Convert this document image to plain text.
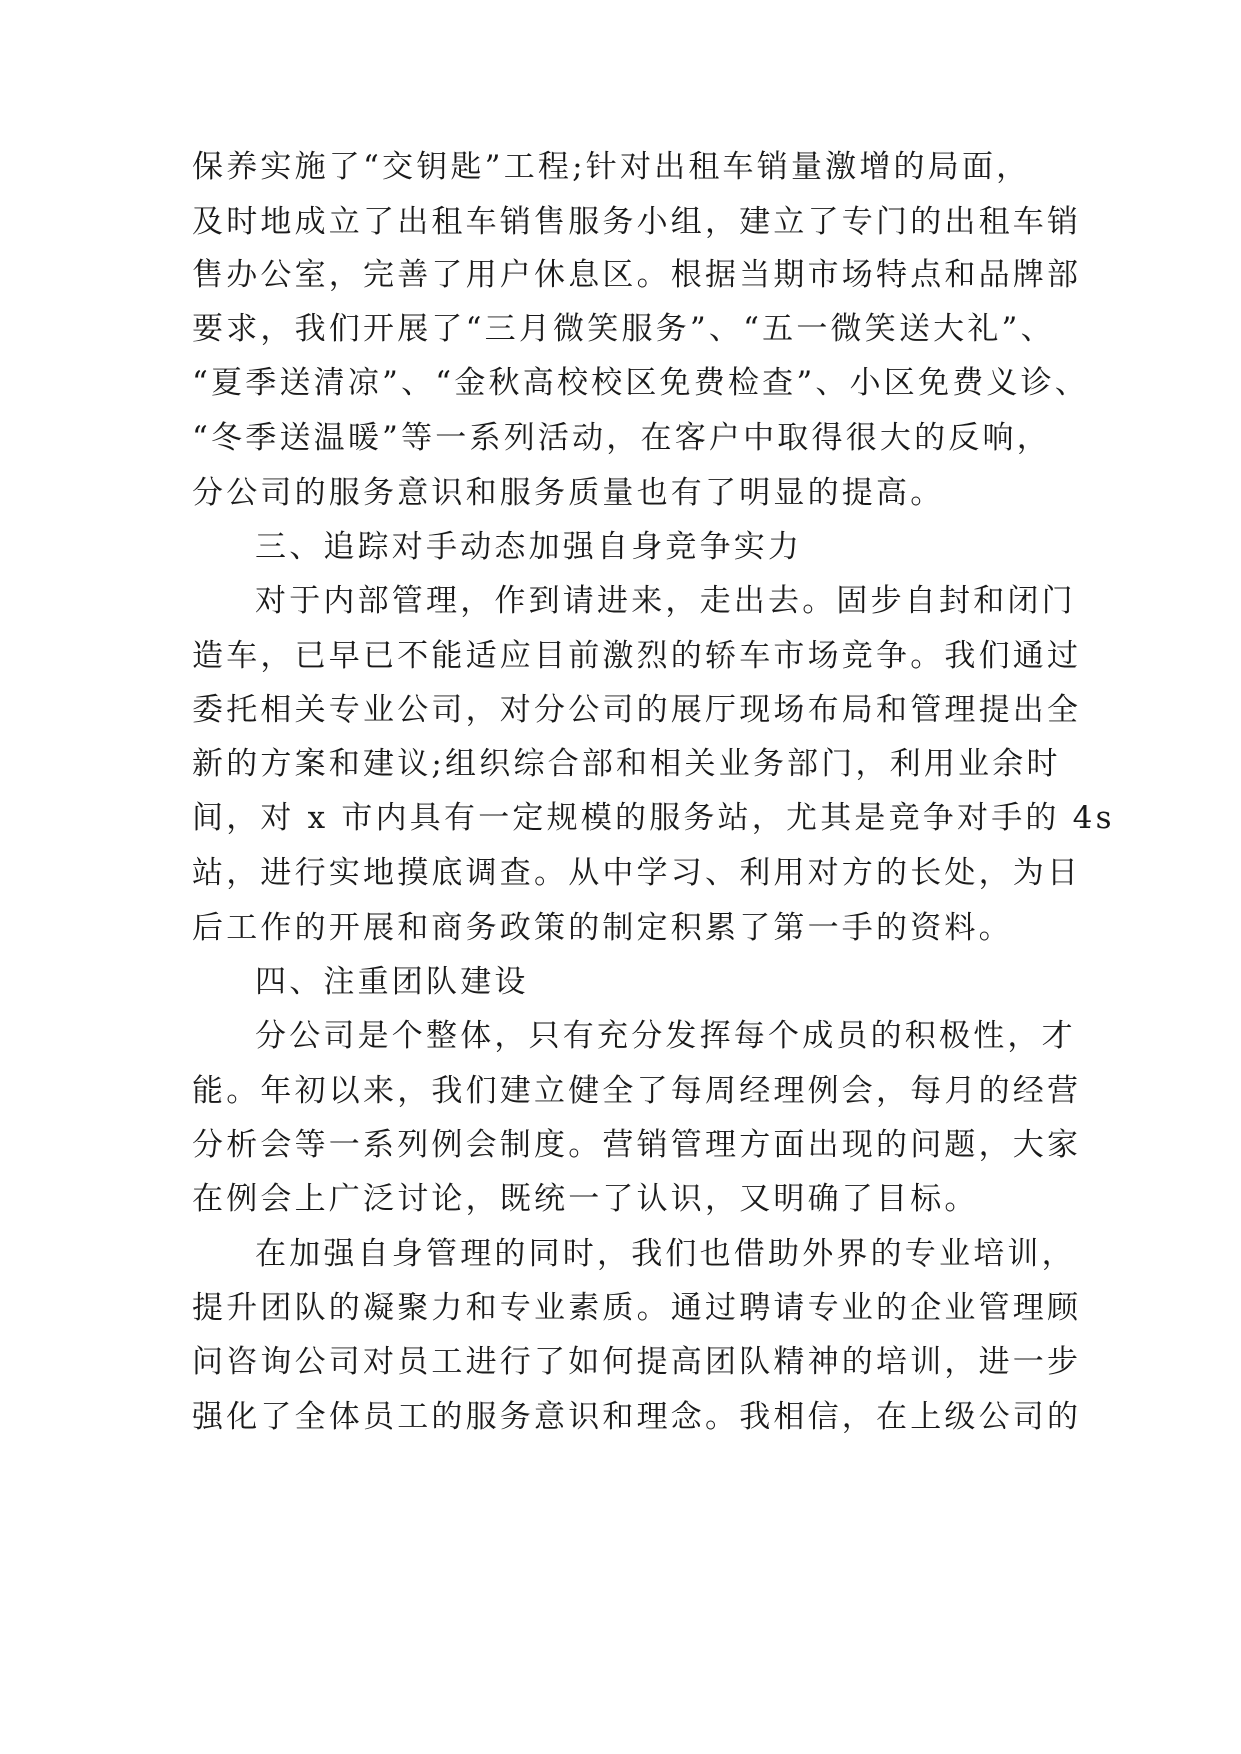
保养实施了“交钥匙”工程;针对出租车销量激增的局面，
及时地成立了出租车销售服务小组，建立了专门的出租车销
售办公室，完善了用户休息区。根据当期市场特点和品牌部
要求，我们开展了“三月微笑服务”、“五一微笑送大礼”、
“夏季送清凉”、“金秋高校校区免费检查”、小区免费义诊、
“冬季送温暖”等一系列活动，在客户中取得很大的反响，
分公司的服务意识和服务质量也有了明显的提高。
三、追踪对手动态加强自身竞争实力
对于内部管理，作到请进来，走出去。固步自封和闭门
造车，已早已不能适应目前激烈的轿车市场竞争。我们通过
委托相关专业公司，对分公司的展厅现场布局和管理提出全
新的方案和建议;组织综合部和相关业务部门，利用业余时
间，对 x 市内具有一定规模的服务站，尤其是竞争对手的 4s
站，进行实地摸底调查。从中学习、利用对方的长处，为日
后工作的开展和商务政策的制定积累了第一手的资料。
四、注重团队建设
分公司是个整体，只有充分发挥每个成员的积极性，才
能。年初以来，我们建立健全了每周经理例会，每月的经营
分析会等一系列例会制度。营销管理方面出现的问题，大家
在例会上广泛讨论，既统一了认识，又明确了目标。
在加强自身管理的同时，我们也借助外界的专业培训，
提升团队的凝聚力和专业素质。通过聘请专业的企业管理顾
问咨询公司对员工进行了如何提高团队精神的培训，进一步
强化了全体员工的服务意识和理念。我相信，在上级公司的
